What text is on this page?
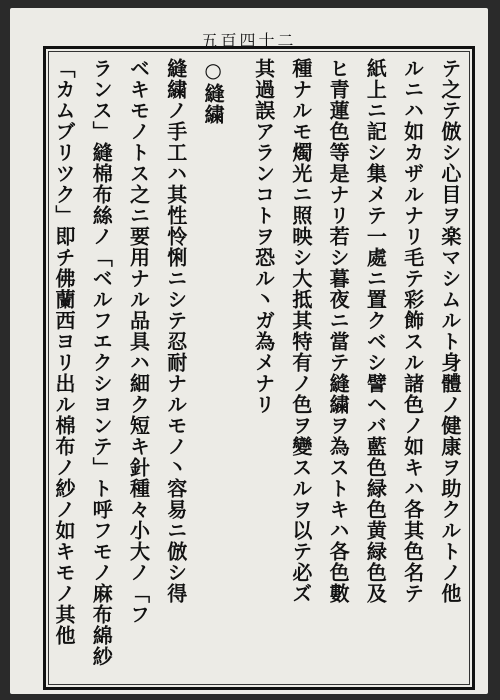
五百四十二
テ之テ倣シ心目ヲ楽マシムルト身體ノ健康ヲ助クルトノ他
ルニハ如カザルナリ毛テ彩飾スル諸色ノ如キハ各其色名テ
紙上ニ記シ集メテ一處ニ置クベシ譬ヘバ藍色緑色黄緑色及
ヒ青蓮色等是ナリ若シ暮夜ニ當テ縫繍ヲ為ストキハ各色數
種ナルモ燭光ニ照映シ大抵其特有ノ色ヲ變スルヲ以テ必ズ
其過誤アランコトヲ恐ル丶ガ為メナリ
○縫繍
縫繍ノ手工ハ其性怜悧ニシテ忍耐ナルモノ丶容易ニ倣シ得
ベキモノトス之ニ要用ナル品具ハ細ク短キ針種々小大ノ「フ
ランス」縫棉布絲ノ「ベルフエクシヨンテ」ト呼フモノ麻布綿紗
「カムブリツク」即チ佛蘭西ヨリ出ル棉布ノ紗ノ如キモノ其他
